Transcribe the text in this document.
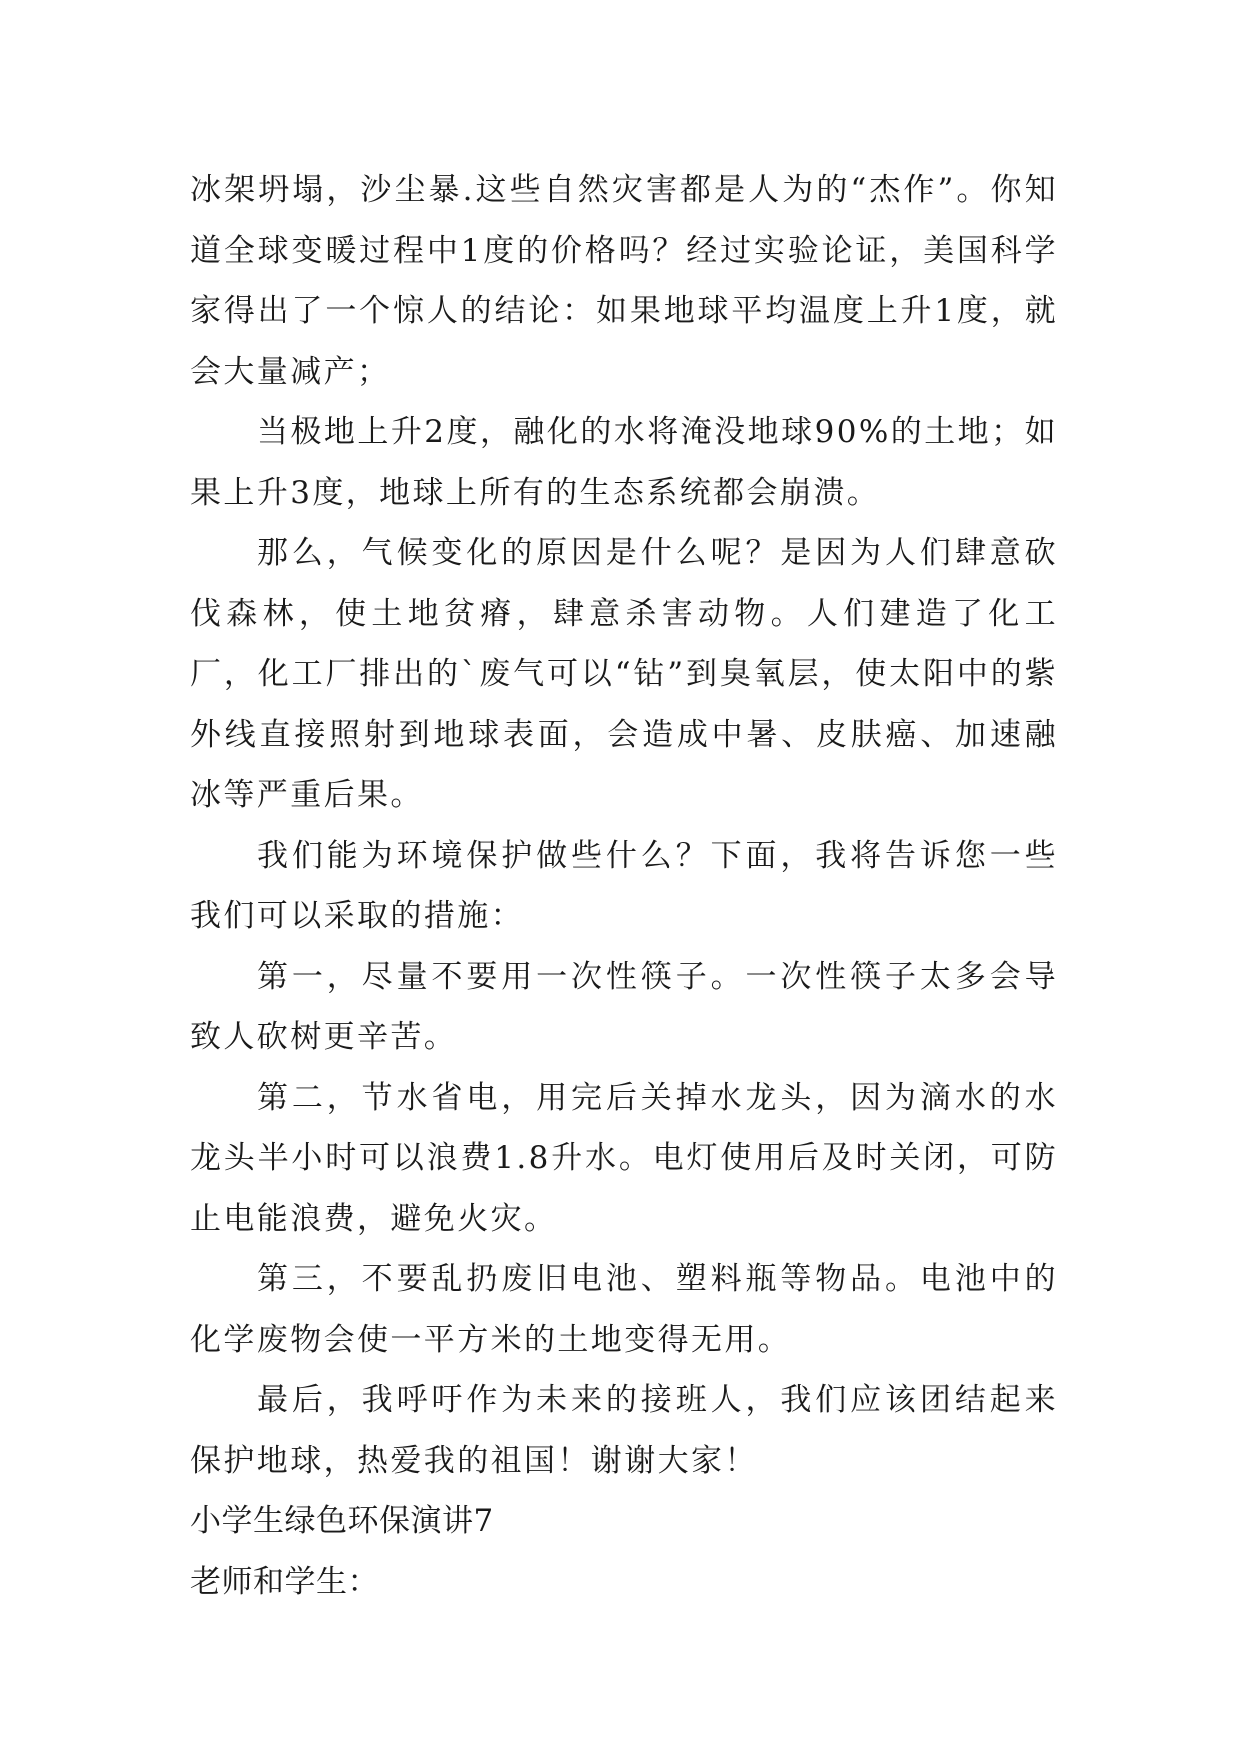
冰架坍塌，沙尘暴.这些自然灾害都是人为的“杰作”。你知道全球变暖过程中1度的价格吗？经过实验论证，美国科学家得出了一个惊人的结论：如果地球平均温度上升1度，就会大量减产；

当极地上升2度，融化的水将淹没地球90%的土地；如果上升3度，地球上所有的生态系统都会崩溃。

那么，气候变化的原因是什么呢？是因为人们肆意砍伐森林，使土地贫瘠，肆意杀害动物。人们建造了化工厂，化工厂排出的`废气可以“钻”到臭氧层，使太阳中的紫外线直接照射到地球表面，会造成中暑、皮肤癌、加速融冰等严重后果。

我们能为环境保护做些什么？下面，我将告诉您一些我们可以采取的措施：

第一，尽量不要用一次性筷子。一次性筷子太多会导致人砍树更辛苦。

第二，节水省电，用完后关掉水龙头，因为滴水的水龙头半小时可以浪费1.8升水。电灯使用后及时关闭，可防止电能浪费，避免火灾。

第三，不要乱扔废旧电池、塑料瓶等物品。电池中的化学废物会使一平方米的土地变得无用。

最后，我呼吁作为未来的接班人，我们应该团结起来保护地球，热爱我的祖国！谢谢大家！

小学生绿色环保演讲7

老师和学生：
